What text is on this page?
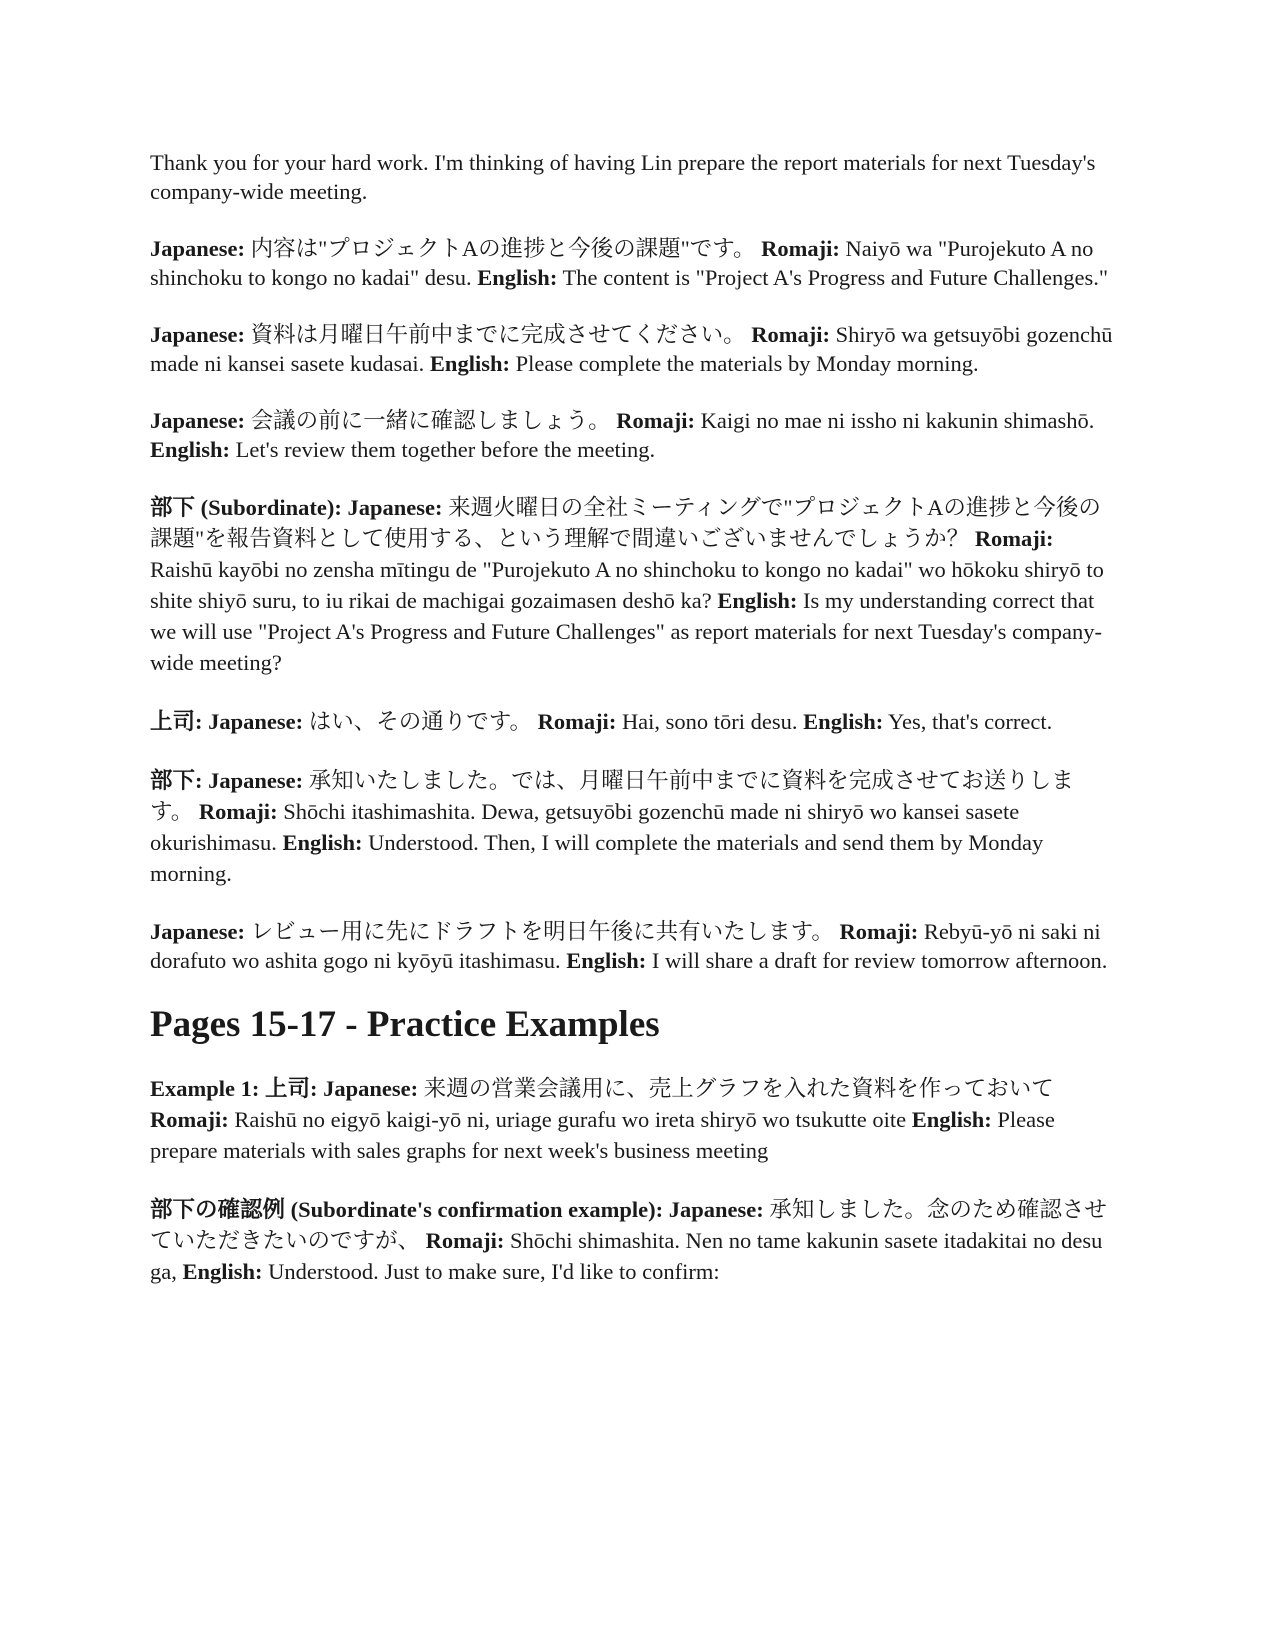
Thank you for your hard work. I'm thinking of having Lin prepare the report materials for next Tuesday's company-wide meeting.

Japanese: 内容は"プロジェクトAの進捗と今後の課題"です。 Romaji: Naiyō wa "Purojekuto A no shinchoku to kongo no kadai" desu. English: The content is "Project A's Progress and Future Challenges."

Japanese: 資料は月曜日午前中までに完成させてください。 Romaji: Shiryō wa getsuyōbi gozenchū made ni kansei sasete kudasai. English: Please complete the materials by Monday morning.

Japanese: 会議の前に一緒に確認しましょう。 Romaji: Kaigi no mae ni issho ni kakunin shimashō. English: Let's review them together before the meeting.

部下 (Subordinate): Japanese: 来週火曜日の全社ミーティングで"プロジェクトAの進捗と今後の課題"を報告資料として使用する、という理解で間違いございませんでしょうか？ Romaji: Raishū kayōbi no zensha mītingu de "Purojekuto A no shinchoku to kongo no kadai" wo hōkoku shiryō to shite shiyō suru, to iu rikai de machigai gozaimasen deshō ka? English: Is my understanding correct that we will use "Project A's Progress and Future Challenges" as report materials for next Tuesday's company-wide meeting?

上司: Japanese: はい、その通りです。 Romaji: Hai, sono tōri desu. English: Yes, that's correct.

部下: Japanese: 承知いたしました。では、月曜日午前中までに資料を完成させてお送りします。 Romaji: Shōchi itashimashita. Dewa, getsuyōbi gozenchū made ni shiryō wo kansei sasete okurishimasu. English: Understood. Then, I will complete the materials and send them by Monday morning.

Japanese: レビュー用に先にドラフトを明日午後に共有いたします。 Romaji: Rebyū-yō ni saki ni dorafuto wo ashita gogo ni kyōyū itashimasu. English: I will share a draft for review tomorrow afternoon.

Pages 15-17 - Practice Examples

Example 1: 上司: Japanese: 来週の営業会議用に、売上グラフを入れた資料を作っておいて Romaji: Raishū no eigyō kaigi-yō ni, uriage gurafu wo ireta shiryō wo tsukutte oite English: Please prepare materials with sales graphs for next week's business meeting

部下の確認例 (Subordinate's confirmation example): Japanese: 承知しました。念のため確認させていただきたいのですが、 Romaji: Shōchi shimashita. Nen no tame kakunin sasete itadakitai no desu ga, English: Understood. Just to make sure, I'd like to confirm:
